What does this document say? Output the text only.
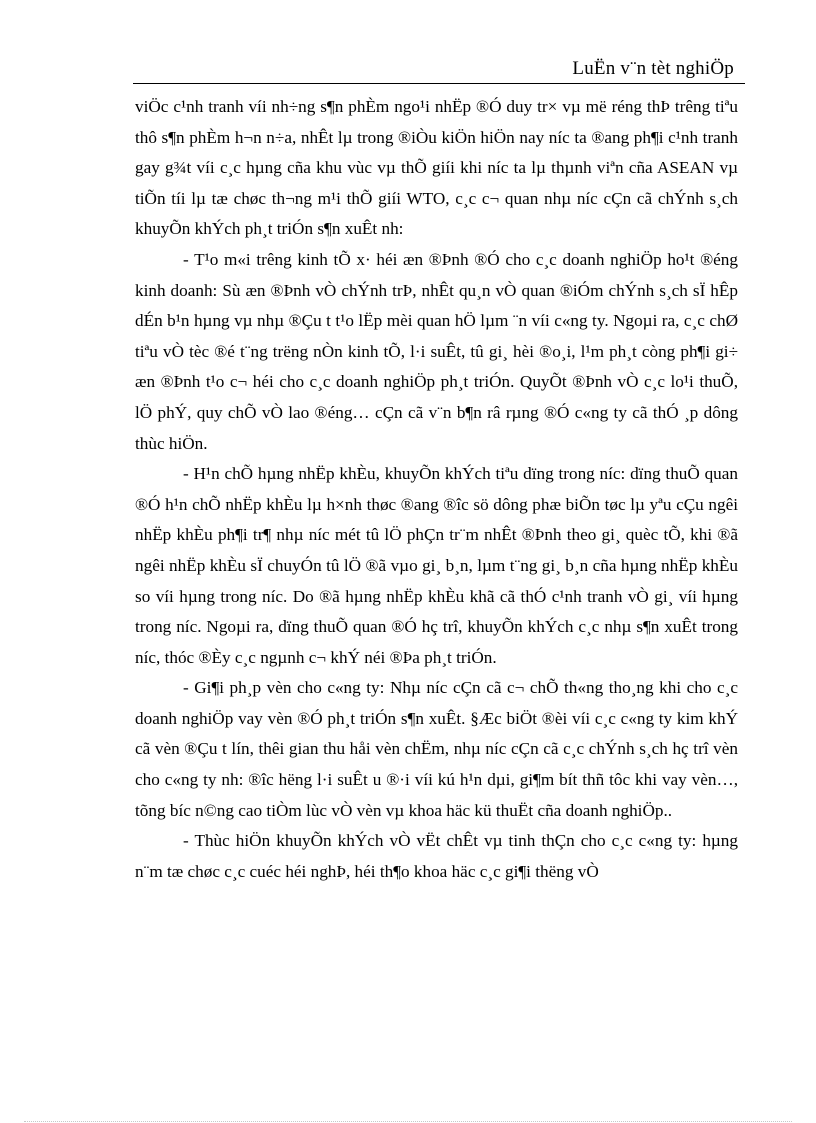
LuËn v¨n tèt nghiÖp

viÖc c¹nh tranh víi nh÷ng s¶n phÈm ngo¹i nhËp ®Ó duy tr× vµ më réng thÞ trêng tiªu thô s¶n phÈm h¬n n÷a, nhÊt lµ trong ®iÒu kiÖn hiÖn nay níc ta ®ang ph¶i c¹nh tranh gay g¾t víi c¸c hµng cña khu vùc vµ thÕ giíi khi níc ta lµ thµnh viªn cña ASEAN vµ tiÕn tíi lµ tæ chøc th¬ng m¹i thÕ giíi WTO, c¸c c¬ quan nhµ níc cÇn cã chÝnh s¸ch khuyÕn khÝch ph¸t triÓn s¶n xuÊt nh:

- T¹o m«i trêng kinh tÕ x· héi æn ®Þnh ®Ó cho c¸c doanh nghiÖp ho¹t ®éng kinh doanh: Sù æn ®Þnh vÒ chÝnh trÞ, nhÊt qu¸n vÒ quan ®iÓm chÝnh s¸ch sÏ hÊp dÉn b¹n hµng vµ nhµ ®Çu t t¹o lËp mèi quan hÖ lµm ¨n víi c«ng ty. Ngoµi ra, c¸c chØ tiªu vÒ tèc ®é t¨ng trëng nÒn kinh tÕ, l·i suÊt, tû gi¸ hèi ®o¸i, l¹m ph¸t còng ph¶i gi÷ æn ®Þnh t¹o c¬ héi cho c¸c doanh nghiÖp ph¸t triÓn. QuyÕt ®Þnh vÒ c¸c lo¹i thuÕ, lÖ phÝ, quy chÕ vÒ lao ®éng… cÇn cã v¨n b¶n râ rµng ®Ó c«ng ty cã thÓ ¸p dông thùc hiÖn.

- H¹n chÕ hµng nhËp khÈu, khuyÕn khÝch tiªu dïng trong níc: dïng thuÕ quan ®Ó h¹n chÕ nhËp khÈu lµ h×nh thøc ®ang ®îc sö dông phæ biÕn tøc lµ yªu cÇu ngêi nhËp khÈu ph¶i tr¶ nhµ níc mét tû lÖ phÇn tr¨m nhÊt ®Þnh theo gi¸ quèc tÕ, khi ®ã ngêi nhËp khÈu sÏ chuyÓn tû lÖ ®ã vµo gi¸ b¸n, lµm t¨ng gi¸ b¸n cña hµng nhËp khÈu so víi hµng trong níc. Do ®ã hµng nhËp khÈu khã cã thÓ c¹nh tranh vÒ gi¸ víi hµng trong níc. Ngoµi ra, dïng thuÕ quan ®Ó hç trî, khuyÕn khÝch c¸c nhµ s¶n xuÊt trong níc, thóc ®Èy c¸c ngµnh c¬ khÝ néi ®Þa ph¸t triÓn.

- Gi¶i ph¸p vèn cho c«ng ty: Nhµ níc cÇn cã c¬ chÕ th«ng tho¸ng khi cho c¸c doanh nghiÖp vay vèn ®Ó ph¸t triÓn s¶n xuÊt. §Æc biÖt ®èi víi c¸c c«ng ty kim khÝ cã vèn ®Çu t lín, thêi gian thu håi vèn chËm, nhµ níc cÇn cã c¸c chÝnh s¸ch hç trî vèn cho c«ng ty nh: ®îc hëng l·i suÊt u ®·i víi kú h¹n dµi, gi¶m bít thñ tôc khi vay vèn…, tõng bíc n©ng cao tiÒm lùc vÒ vèn vµ khoa häc kü thuËt cña doanh nghiÖp..

- Thùc hiÖn khuyÕn khÝch vÒ vËt chÊt vµ tinh thÇn cho c¸c c«ng ty: hµng n¨m tæ chøc c¸c cuéc héi nghÞ, héi th¶o khoa häc c¸c gi¶i thëng vÒ
